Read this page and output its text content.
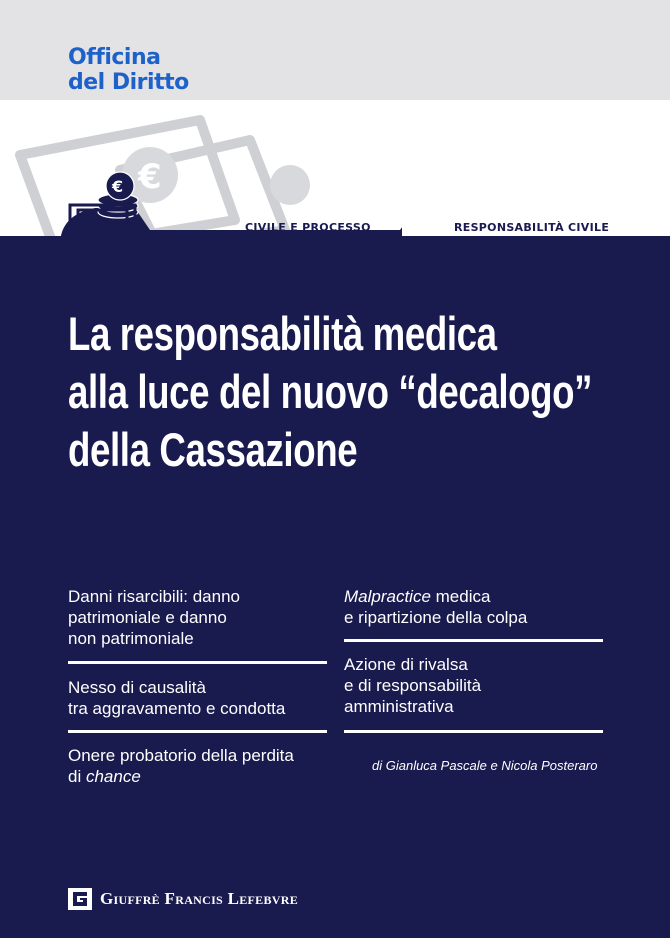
Officina
del Diritto
€
€
CIVILE E PROCESSO	RESPONSABILITÀ CIVILE
La responsabilità medica
alla luce del nuovo “decalogo”
della Cassazione
Danni risarcibili: danno
patrimoniale e danno
non patrimoniale
Nesso di causalità
tra aggravamento e condotta
Onere probatorio della perdita
di chance
Malpractice medica
e ripartizione della colpa
Azione di rivalsa
e di responsabilità
amministrativa
di Gianluca Pascale e Nicola Posteraro
Giuffrè Francis Lefebvre
